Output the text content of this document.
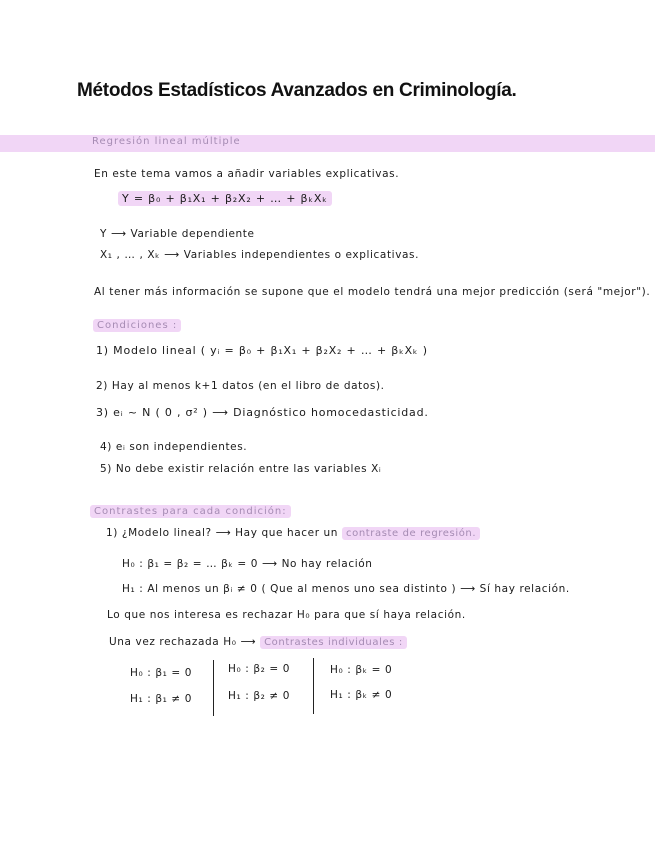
Métodos Estadísticos Avanzados en Criminología.
Regresión lineal múltiple
En este tema vamos a añadir variables explicativas.
Y = β₀ + β₁X₁ + β₂X₂ + … + βₖXₖ
Y ⟶ Variable dependiente
X₁ , … , Xₖ ⟶ Variables independientes o explicativas.
Al tener más información se supone que el modelo tendrá una mejor predicción (será "mejor").
Condiciones :
1) Modelo lineal ( yᵢ = β₀ + β₁X₁ + β₂X₂ + … + βₖXₖ )
2) Hay al menos k+1 datos (en el libro de datos).
3) eᵢ ~ N ( 0 , σ² ) ⟶ Diagnóstico homocedasticidad.
4) eᵢ son independientes.
5) No debe existir relación entre las variables Xᵢ
Contrastes para cada condición:
1) ¿Modelo lineal? ⟶ Hay que hacer un contraste de regresión.
H₀ : β₁ = β₂ = … βₖ = 0 ⟶ No hay relación
H₁ : Al menos un βᵢ ≠ 0 ( Que al menos uno sea distinto ) ⟶ Sí hay relación.
Lo que nos interesa es rechazar H₀ para que sí haya relación.
Una vez rechazada H₀ ⟶ Contrastes individuales :
H₀ : β₁ = 0
H₁ : β₁ ≠ 0
H₀ : β₂ = 0
H₁ : β₂ ≠ 0
H₀ : βₖ = 0
H₁ : βₖ ≠ 0
